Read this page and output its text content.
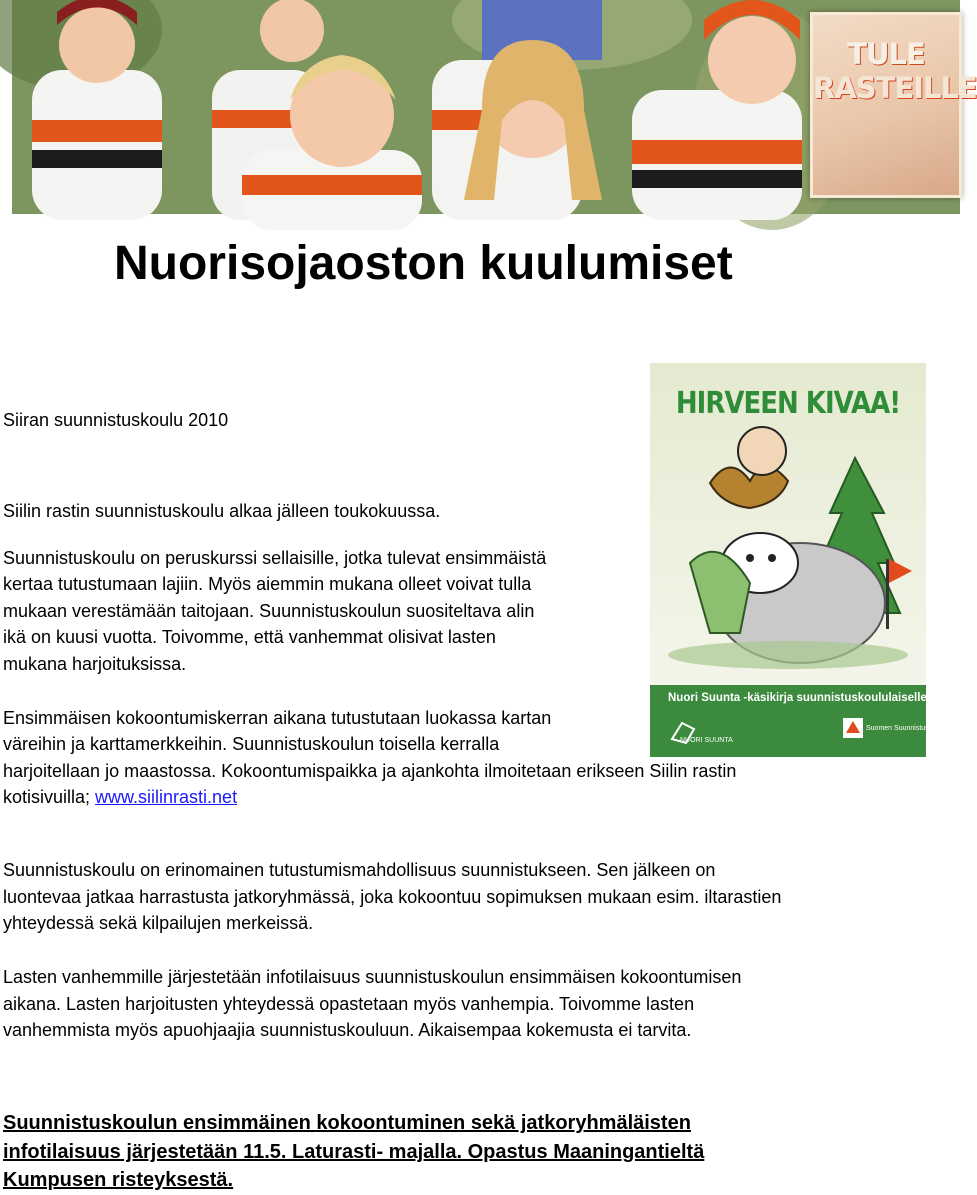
TULE
RASTEILLE
Nuorisojaoston kuulumiset
HIRVEEN KIVAA!
Nuori Suunta -käsikirja suunnistuskoululaiselle
NUORI SUUNTA
Suomen Suunnistusliitto

Siiran suunnistuskoulu 2010

Siilin rastin suunnistuskoulu alkaa jälleen toukokuussa.

Suunnistuskoulu on peruskurssi sellaisille, jotka tulevat ensimmäistä

kertaa tutustumaan lajiin. Myös aiemmin mukana olleet voivat tulla

mukaan verestämään taitojaan. Suunnistuskoulun suositeltava alin

ikä on kuusi vuotta. Toivomme, että vanhemmat olisivat lasten

mukana harjoituksissa.

Ensimmäisen kokoontumiskerran aikana tutustutaan luokassa kartan

väreihin ja karttamerkkeihin. Suunnistuskoulun toisella kerralla

harjoitellaan jo maastossa. Kokoontumispaikka ja ajankohta ilmoitetaan erikseen Siilin rastin

kotisivuilla; www.siilinrasti.net

Suunnistuskoulu on erinomainen tutustumismahdollisuus suunnistukseen. Sen jälkeen on

luontevaa jatkaa harrastusta jatkoryhmässä, joka kokoontuu sopimuksen mukaan esim. iltarastien

yhteydessä sekä kilpailujen merkeissä.

Lasten vanhemmille järjestetään infotilaisuus suunnistuskoulun ensimmäisen kokoontumisen

aikana. Lasten harjoitusten yhteydessä opastetaan myös vanhempia. Toivomme lasten

vanhemmista myös apuohjaajia suunnistuskouluun. Aikaisempaa kokemusta ei tarvita.

Suunnistuskoulun ensimmäinen kokoontuminen sekä jatkoryhmäläisten

infotilaisuus järjestetään 11.5. Laturasti- majalla. Opastus Maaningantieltä

Kumpusen risteyksestä.
